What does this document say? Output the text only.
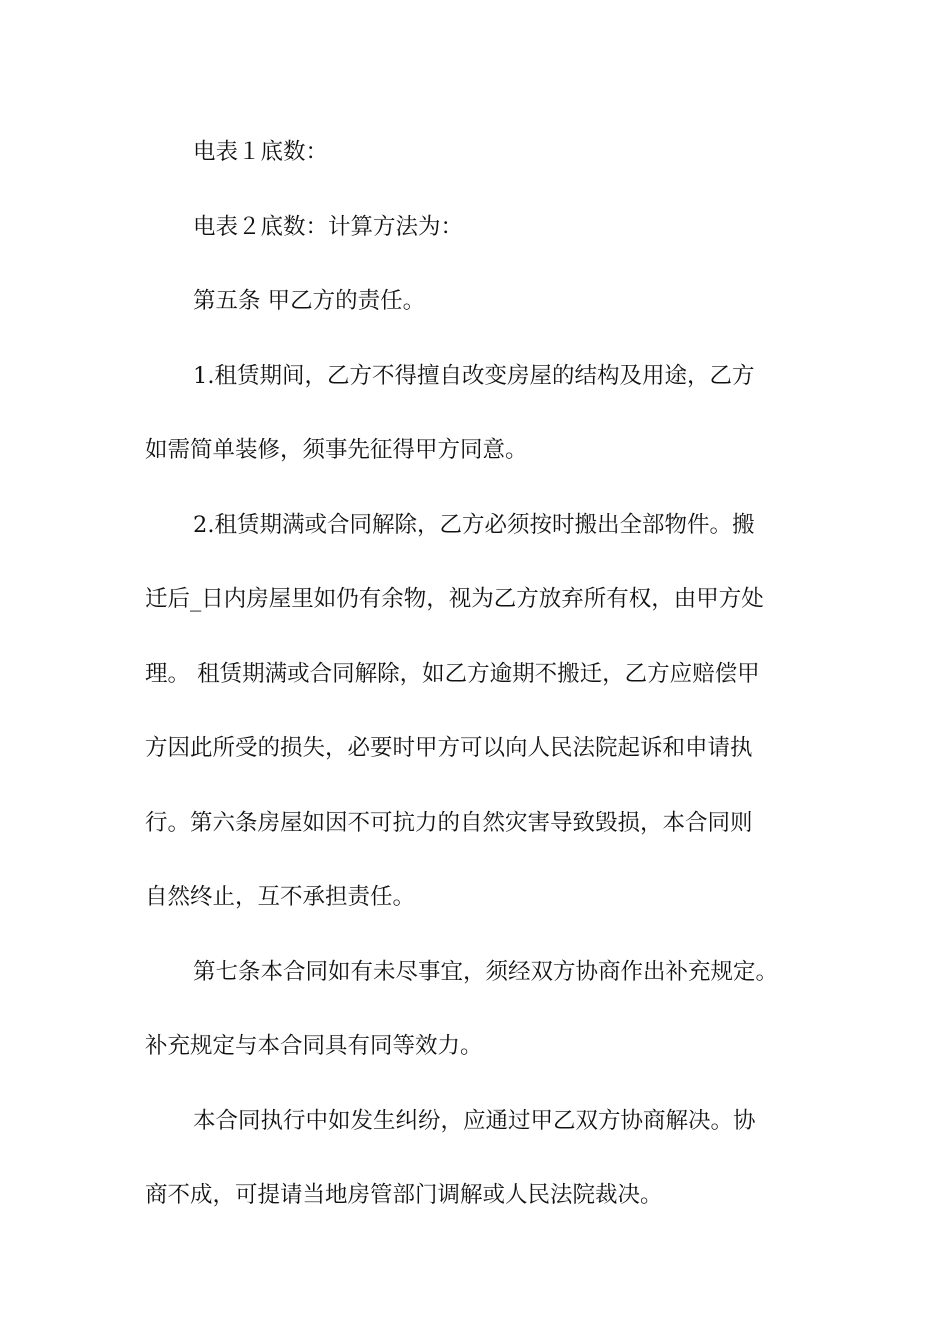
电表１底数：
电表２底数：计算方法为：
第五条 甲乙方的责任。
1.租赁期间，乙方不得擅自改变房屋的结构及用途，乙方
如需简单装修，须事先征得甲方同意。
2.租赁期满或合同解除，乙方必须按时搬出全部物件。搬
迁后_日内房屋里如仍有余物，视为乙方放弃所有权，由甲方处
理。 租赁期满或合同解除，如乙方逾期不搬迁，乙方应赔偿甲
方因此所受的损失，必要时甲方可以向人民法院起诉和申请执
行。第六条房屋如因不可抗力的自然灾害导致毁损，本合同则
自然终止，互不承担责任。
第七条本合同如有未尽事宜，须经双方协商作出补充规定。
补充规定与本合同具有同等效力。
本合同执行中如发生纠纷，应通过甲乙双方协商解决。协
商不成，可提请当地房管部门调解或人民法院裁决。
